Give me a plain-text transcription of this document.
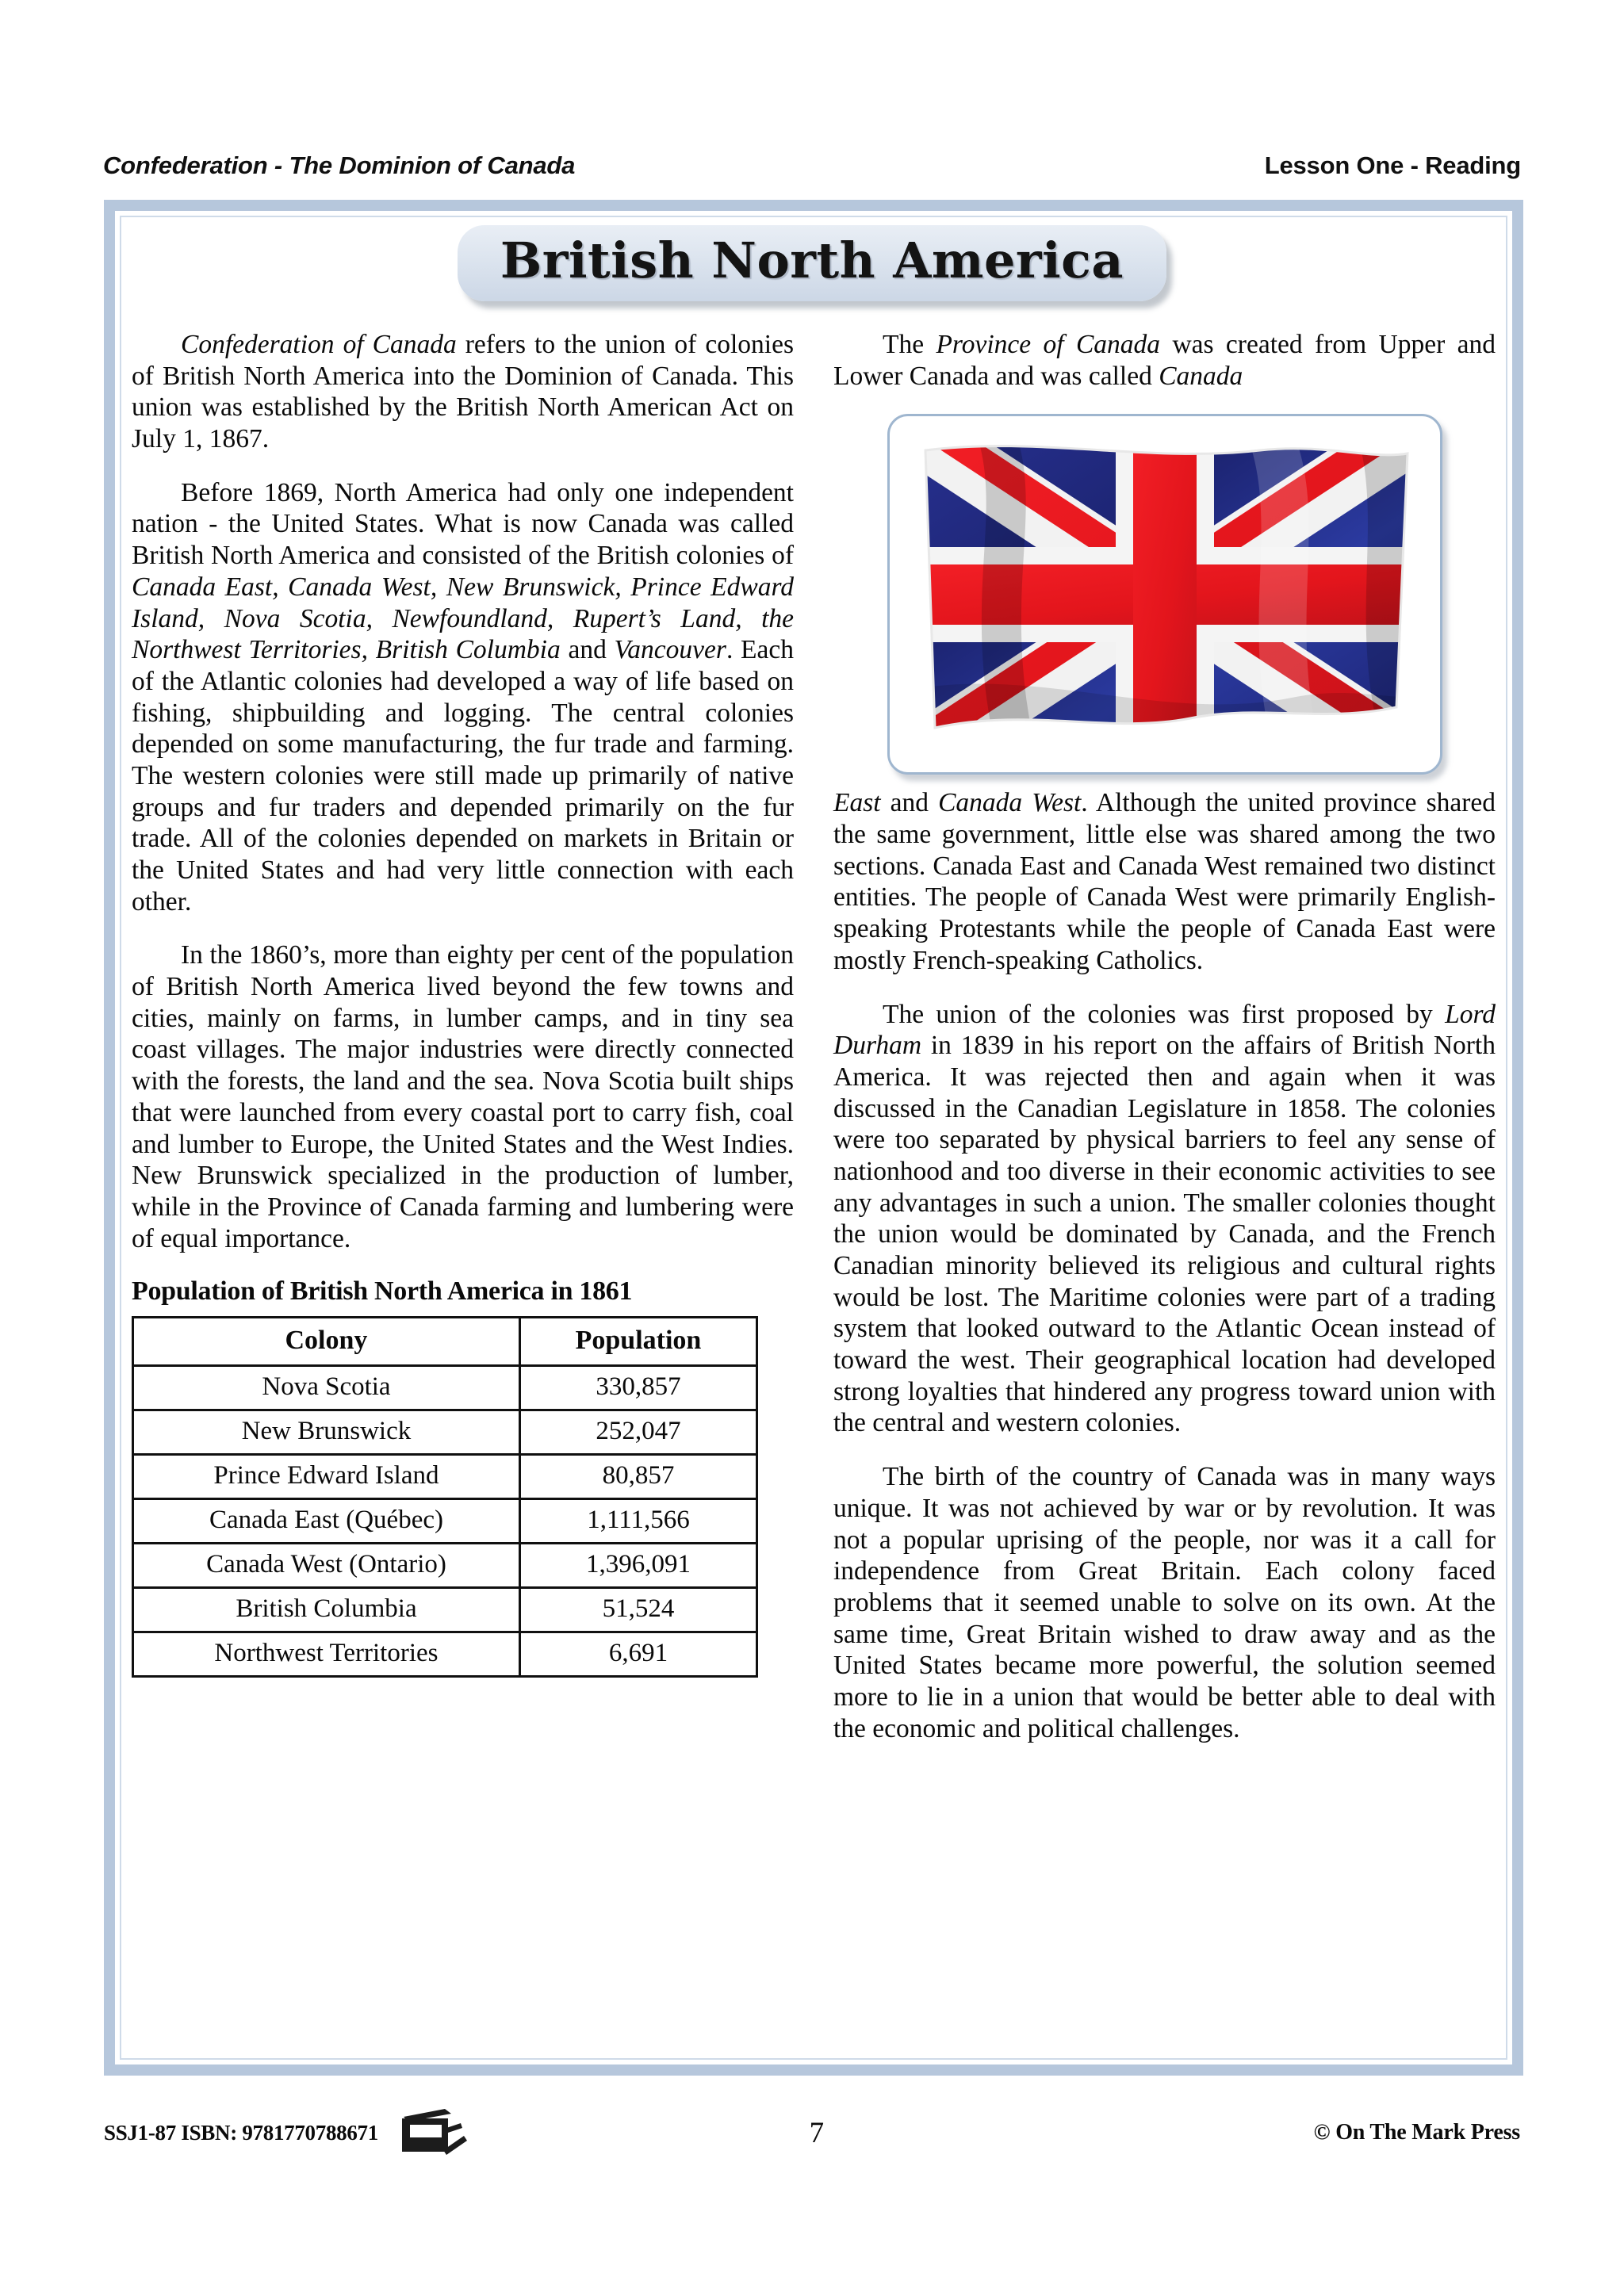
Confederation - The Dominion of Canada	Lesson One - Reading
British North America

Confederation of Canada refers to the union of colonies of British North America into the Dominion of Canada. This union was established by the British North American Act on July 1, 1867.

Before 1869, North America had only one independent nation - the United States. What is now Canada was called British North America and consisted of the British colonies of Canada East, Canada West, New Brunswick, Prince Edward Island, Nova Scotia, Newfoundland, Rupert’s Land, the Northwest Territories, British Columbia and Vancouver. Each of the Atlantic colonies had developed a way of life based on fishing, shipbuilding and logging. The central colonies depended on some manufacturing, the fur trade and farming. The western colonies were still made up primarily of native groups and fur traders and depended primarily on the fur trade. All of the colonies depended on markets in Britain or the United States and had very little connection with each other.

In the 1860’s, more than eighty per cent of the population of British North America lived beyond the few towns and cities, mainly on farms, in lumber camps, and in tiny sea coast villages. The major industries were directly connected with the forests, the land and the sea. Nova Scotia built ships that were launched from every coastal port to carry fish, coal and lumber to Europe, the United States and the West Indies. New Brunswick specialized in the production of lumber, while in the Province of Canada farming and lumbering were of equal importance.

Population of British North America in 1861
Colony	Population
Nova Scotia	330,857
New Brunswick	252,047
Prince Edward Island	80,857
Canada East (Québec)	1,111,566
Canada West (Ontario)	1,396,091
British Columbia	51,524
Northwest Territories	6,691

The Province of Canada was created from Upper and Lower Canada and was called Canada

East and Canada West. Although the united province shared the same government, little else was shared among the two sections. Canada East and Canada West remained two distinct entities. The people of Canada West were primarily English-speaking Protestants while the people of Canada East were mostly French-speaking Catholics.

The union of the colonies was first proposed by Lord Durham in 1839 in his report on the affairs of British North America. It was rejected then and again when it was discussed in the Canadian Legislature in 1858. The colonies were too separated by physical barriers to feel any sense of nationhood and too diverse in their economic activities to see any advantages in such a union. The smaller colonies thought the union would be dominated by Canada, and the French Canadian minority believed its religious and cultural rights would be lost. The Maritime colonies were part of a trading system that looked outward to the Atlantic Ocean instead of toward the west. Their geographical location had developed strong loyalties that hindered any progress toward union with the central and western colonies.

The birth of the country of Canada was in many ways unique. It was not achieved by war or by revolution. It was not a popular uprising of the people, nor was it a call for independence from Great Britain. Each colony faced problems that it seemed unable to solve on its own. At the same time, Great Britain wished to draw away and as the United States became more powerful, the solution seemed more to lie in a union that would be better able to deal with the economic and political challenges.

SSJ1-87 ISBN: 9781770788671	7	© On The Mark Press
